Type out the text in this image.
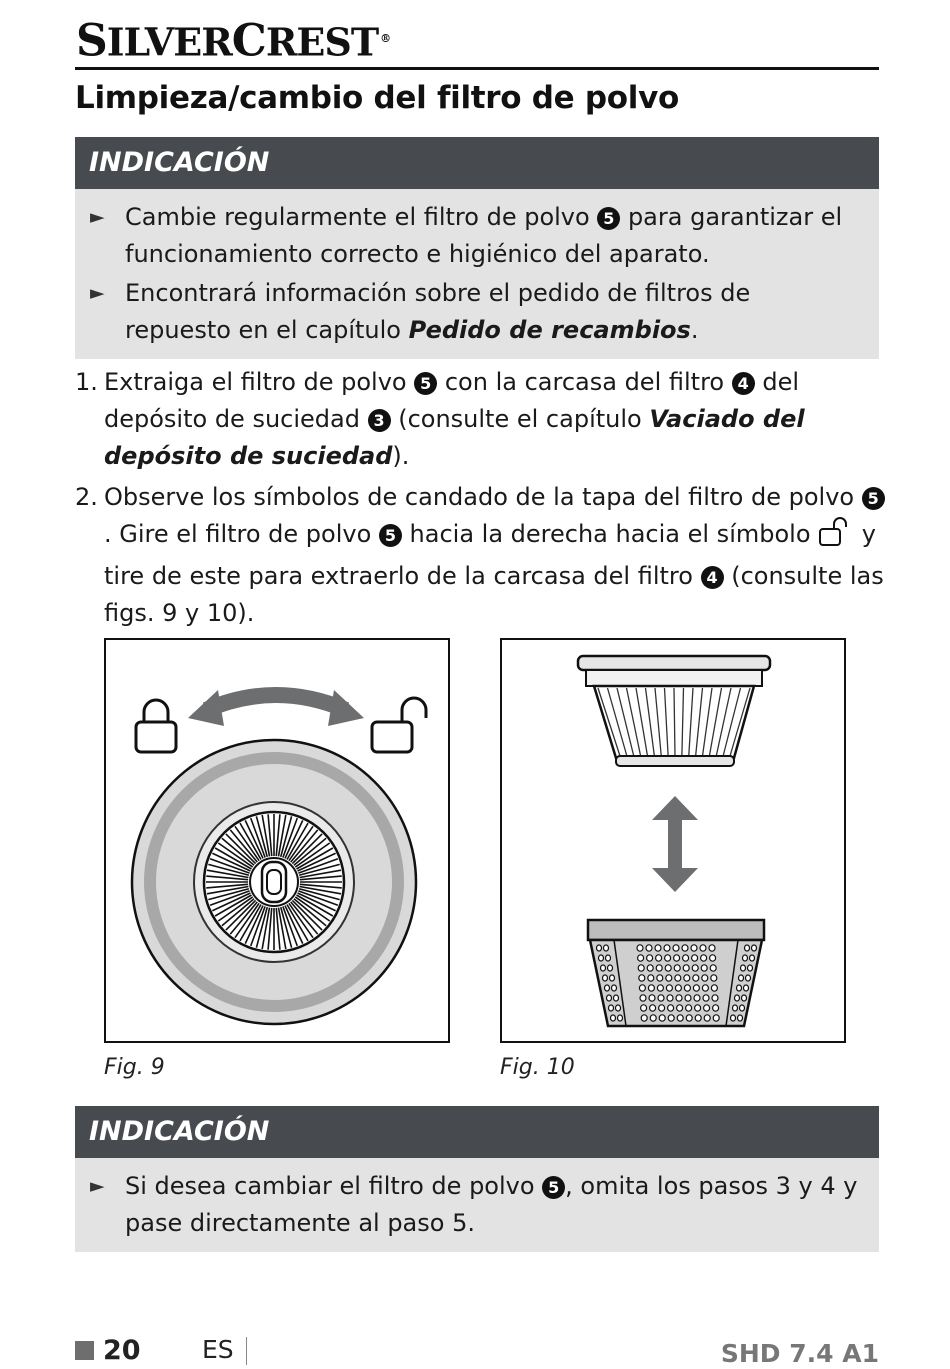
SILVERCREST ®
Limpieza/cambio del filtro de polvo
INDICACIÓN
► Cambie regularmente el filtro de polvo 5 para garantizar el funcionamiento correcto e higiénico del aparato.
► Encontrará información sobre el pedido de filtros de repuesto en el capítulo Pedido de recambios.
1. Extraiga el filtro de polvo 5 con la carcasa del filtro 4 del depósito de suciedad 3 (consulte el capítulo Vaciado del depósito de suciedad).
2. Observe los símbolos de candado de la tapa del filtro de polvo 5. Gire el filtro de polvo 5 hacia la derecha hacia el símbolo  y tire de este para extraerlo de la carcasa del filtro 4 (consulte las figs. 9 y 10).
Fig. 9	Fig. 10
INDICACIÓN
► Si desea cambiar el filtro de polvo 5 , omita los pasos 3 y 4 y pase directamente al paso 5.
20 ES	SHD 7.4 A1
